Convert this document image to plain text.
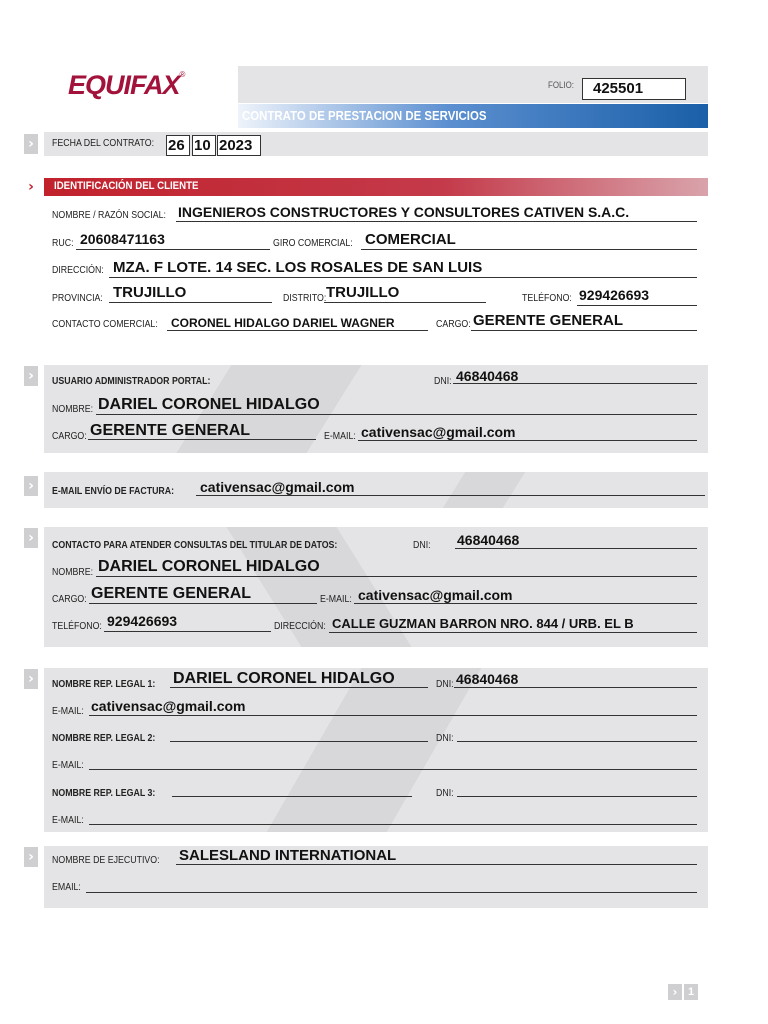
EQUIFAX®
FOLIO: 425501
CONTRATO DE PRESTACION DE SERVICIOS
›	FECHA DEL CONTRATO: 26 10 2023
IDENTIFICACIÓN DEL CLIENTE
›
NOMBRE / RAZÓN SOCIAL: INGENIEROS CONSTRUCTORES Y CONSULTORES CATIVEN S.A.C.
RUC: 20608471163	GIRO COMERCIAL: COMERCIAL
DIRECCIÓN: MZA. F LOTE. 14 SEC. LOS ROSALES DE SAN LUIS
PROVINCIA: TRUJILLO	DISTRITO: TRUJILLO	TELÉFONO: 929426693
CONTACTO COMERCIAL: CORONEL HIDALGO DARIEL WAGNER	CARGO: GERENTE GENERAL
›	USUARIO ADMINISTRADOR PORTAL:	DNI: 46840468
NOMBRE: DARIEL CORONEL HIDALGO
CARGO: GERENTE GENERAL	E-MAIL: cativensac@gmail.com
›	E-MAIL ENVÍO DE FACTURA: cativensac@gmail.com
›	CONTACTO PARA ATENDER CONSULTAS DEL TITULAR DE DATOS:	DNI: 46840468
NOMBRE: DARIEL CORONEL HIDALGO
CARGO: GERENTE GENERAL	E-MAIL: cativensac@gmail.com
TELÉFONO: 929426693	DIRECCIÓN: CALLE GUZMAN BARRON NRO. 844 / URB. EL B
›	NOMBRE REP. LEGAL 1: DARIEL CORONEL HIDALGO	DNI: 46840468
E-MAIL: cativensac@gmail.com
NOMBRE REP. LEGAL 2:	DNI:
E-MAIL:
NOMBRE REP. LEGAL 3:	DNI:
E-MAIL:
›	NOMBRE DE EJECUTIVO: SALESLAND INTERNATIONAL
EMAIL:
› 1
